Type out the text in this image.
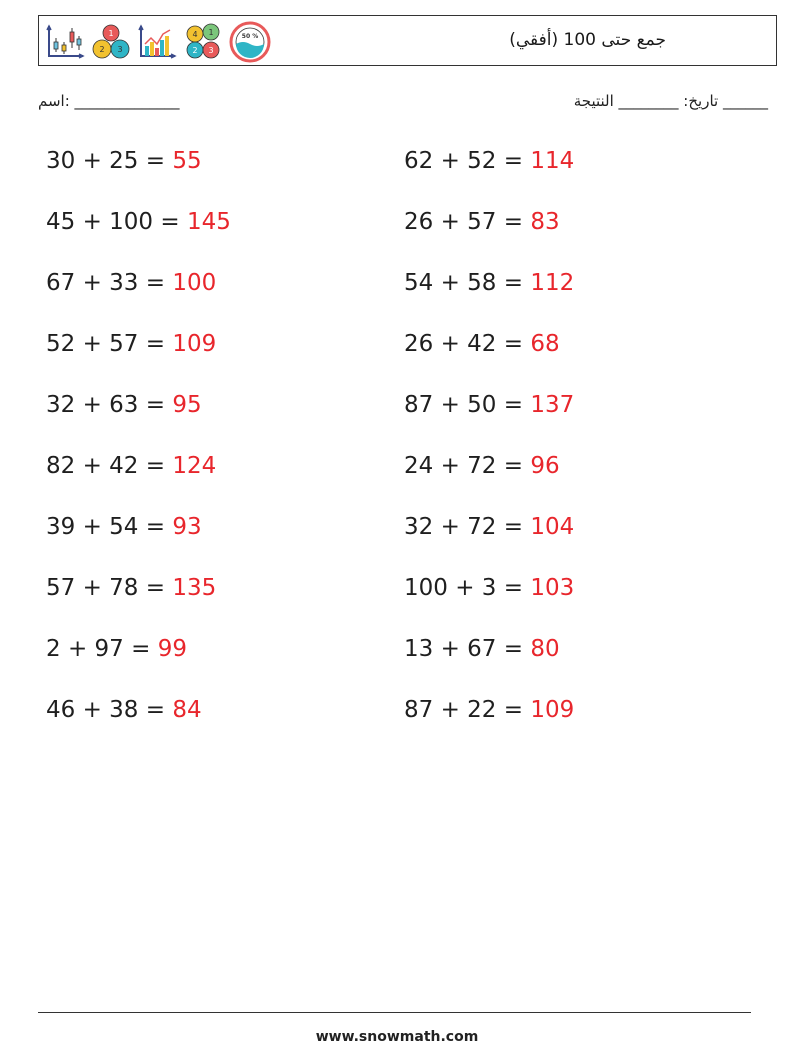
1
2 3
4 1
2 3
50 %	جمع حتى 100 (أفقي)
اسم: ______________	تاريخ: ________ النتيجة ______
30 + 25 = 55	62 + 52 = 114
45 + 100 = 145	26 + 57 = 83
67 + 33 = 100	54 + 58 = 112
52 + 57 = 109	26 + 42 = 68
32 + 63 = 95	87 + 50 = 137
82 + 42 = 124	24 + 72 = 96
39 + 54 = 93	32 + 72 = 104
57 + 78 = 135	100 + 3 = 103
2 + 97 = 99	13 + 67 = 80
46 + 38 = 84	87 + 22 = 109
www.snowmath.com
